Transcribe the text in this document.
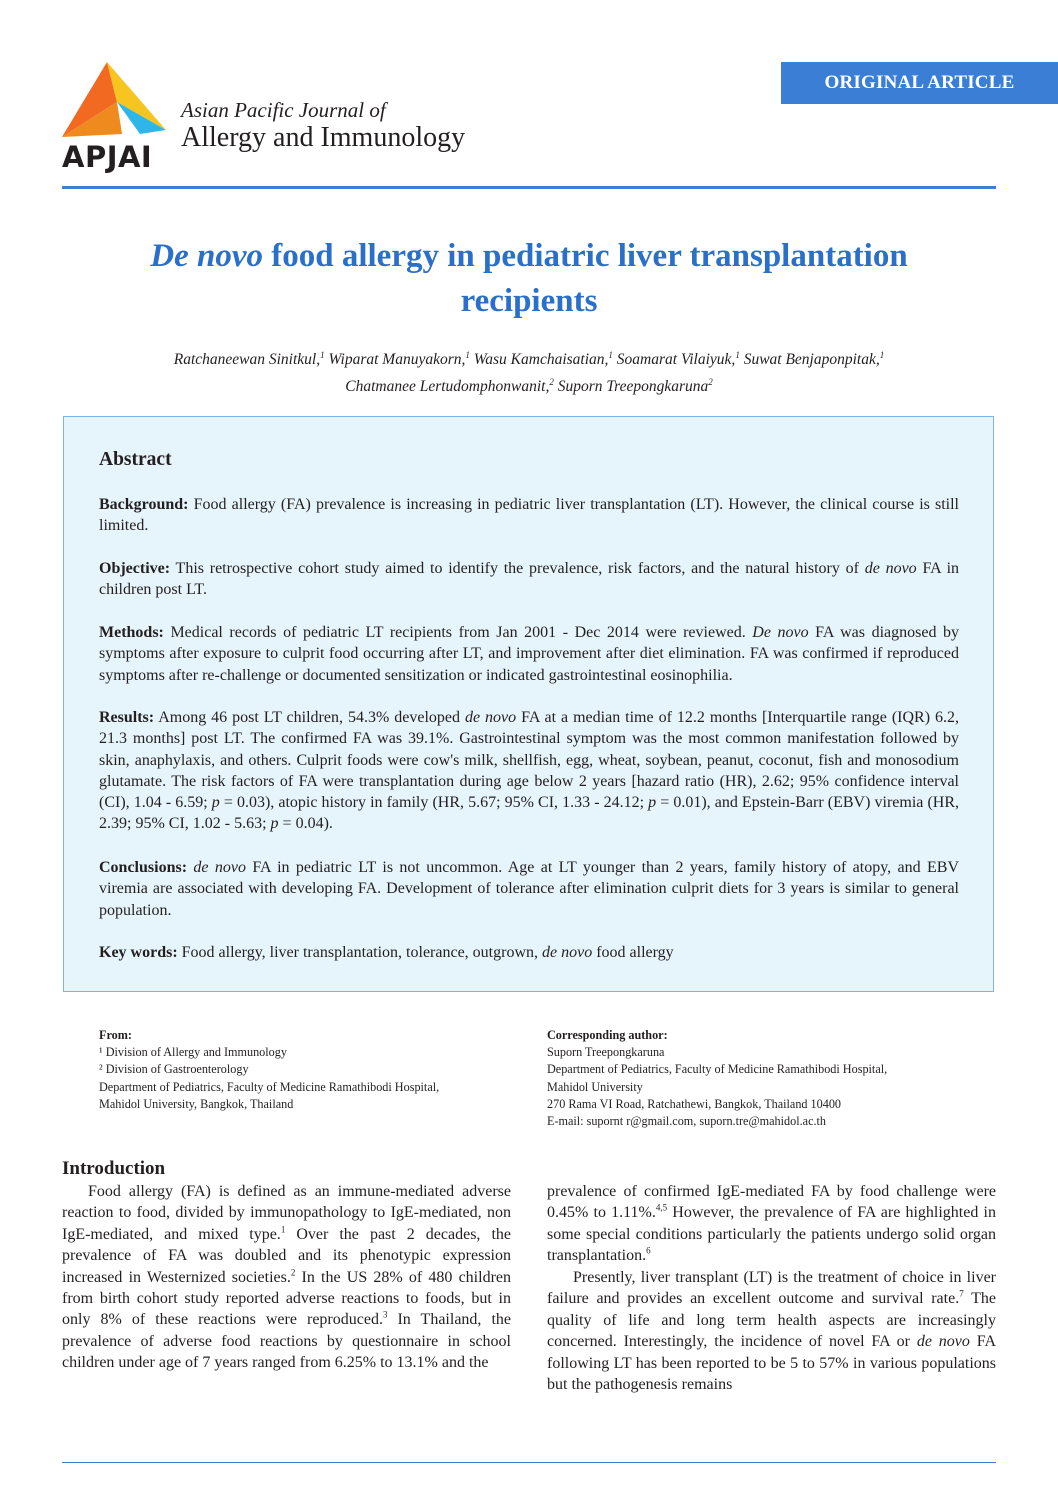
ORIGINAL ARTICLE
APJAI
Asian Pacific Journal of
Allergy and Immunology
De novo food allergy in pediatric liver transplantation
recipients
Ratchaneewan Sinitkul,$^1$ Wiparat Manuyakorn,$^1$ Wasu Kamchaisatian,$^1$ Soamarat Vilaiyuk,$^1$ Suwat Benjaponpitak,$^1$
Chatmanee Lertudomphonwanit,$^2$ Suporn Treepongkaruna$^2$
Abstract

Background: Food allergy (FA) prevalence is increasing in pediatric liver transplantation (LT). However, the clinical course is still limited.

Objective: This retrospective cohort study aimed to identify the prevalence, risk factors, and the natural history of de novo FA in children post LT.

Methods: Medical records of pediatric LT recipients from Jan 2001 - Dec 2014 were reviewed. De novo FA was diagnosed by symptoms after exposure to culprit food occurring after LT, and improvement after diet elimination. FA was confirmed if reproduced symptoms after re-challenge or documented sensitization or indicated gastrointestinal eosinophilia.

Results: Among 46 post LT children, 54.3% developed de novo FA at a median time of 12.2 months [Interquartile range (IQR) 6.2, 21.3 months] post LT. The confirmed FA was 39.1%. Gastrointestinal symptom was the most common manifestation followed by skin, anaphylaxis, and others. Culprit foods were cow's milk, shellfish, egg, wheat, soybean, peanut, coconut, fish and monosodium glutamate. The risk factors of FA were transplantation during age below 2 years [hazard ratio (HR), 2.62; 95% confidence interval (CI), 1.04 - 6.59; p = 0.03), atopic history in family (HR, 5.67; 95% CI, 1.33 - 24.12; p = 0.01), and Epstein-Barr (EBV) viremia (HR, 2.39; 95% CI, 1.02 - 5.63; p = 0.04).

Conclusions: de novo FA in pediatric LT is not uncommon. Age at LT younger than 2 years, family history of atopy, and EBV viremia are associated with developing FA. Development of tolerance after elimination culprit diets for 3 years is similar to general population.

Key words: Food allergy, liver transplantation, tolerance, outgrown, de novo food allergy

From:
¹ Division of Allergy and Immunology
² Division of Gastroenterology
Department of Pediatrics, Faculty of Medicine Ramathibodi Hospital,
Mahidol University, Bangkok, Thailand
Corresponding author:
Suporn Treepongkaruna
Department of Pediatrics, Faculty of Medicine Ramathibodi Hospital,
Mahidol University
270 Rama VI Road, Ratchathewi, Bangkok, Thailand 10400
E-mail: supornt r@gmail.com, suporn.tre@mahidol.ac.th
Introduction

Food allergy (FA) is defined as an immune-mediated adverse reaction to food, divided by immunopathology to IgE-mediated, non IgE-mediated, and mixed type.$^1$ Over the past 2 decades, the prevalence of FA was doubled and its phenotypic expression increased in Westernized societies.$^2$ In the US 28% of 480 children from birth cohort study reported adverse reactions to foods, but in only 8% of these reactions were reproduced.$^3$ In Thailand, the prevalence of adverse food reactions by questionnaire in school children under age of 7 years ranged from 6.25% to 13.1% and the

prevalence of confirmed IgE-mediated FA by food challenge were 0.45% to 1.11%.$^{4,5}$ However, the prevalence of FA are highlighted in some special conditions particularly the patients undergo solid organ transplantation.$^6$

Presently, liver transplant (LT) is the treatment of choice in liver failure and provides an excellent outcome and survival rate.$^7$ The quality of life and long term health aspects are increasingly concerned. Interestingly, the incidence of novel FA or de novo FA following LT has been reported to be 5 to 57% in various populations but the pathogenesis remains
